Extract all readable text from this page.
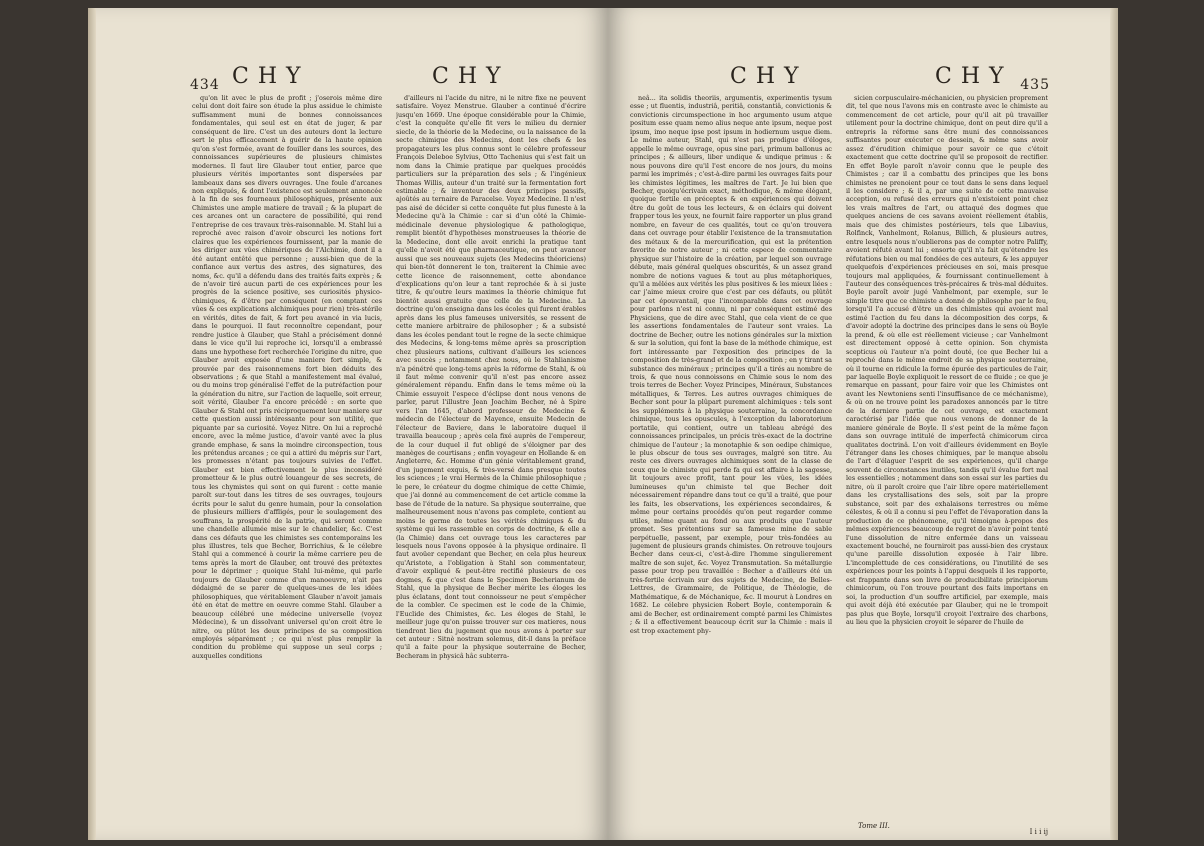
434 C H Y	C H Y

qu'on lit avec le plus de profit ; j'oserois même dire celui dont doit faire son étude la plus assidue le chimiste suffisamment muni de bonnes connoissances fondamentales, qui seul est en état de juger, & par conséquent de lire. C'est un des auteurs dont la lecture sert le plus efficacement à guérir de la haute opinion qu'on s'est formée, avant de fouiller dans les sources, des connoissances supérieures de plusieurs chimistes modernes. Il faut lire Glauber tout entier, parce que plusieurs vérités importantes sont dispersées par lambeaux dans ses divers ouvrages. Une foule d'arcanes non expliqués, & dont l'existence est seulement annoncée à la fin de ses fourneaux philosophiques, présente aux Chimistes une ample matiere de travail ; & la plupart de ces arcanes ont un caractere de possibilité, qui rend l'entreprise de ces travaux très-raisonnable. M. Stahl lui a reproché avec raison d'avoir obscurci les notions fort claires que les expériences fournissent, par la manie de les diriger aux vûes chimériques de l'Alchimie, dont il a été autant entêté que personne ; aussi-bien que de la confiance aux vertus des astres, des signatures, des noms, &c. qu'il a défendu dans des traités faits exprès ; & de n'avoir tiré aucun parti de ces expériences pour les progrès de la science positive, ses curiosités physico-chimiques, & d'être par conséquent (en comptant ces vûes & ces explications alchimiques pour rien) très-stérile en vérités, dites de fait, & fort peu avancé in via lucis, dans le pourquoi. Il faut reconnoître cependant, pour rendre justice à Glauber, que Stahl a précisément donné dans le vice qu'il lui reproche ici, lorsqu'il a embrassé dans une hypothese fort recherchée l'origine du nitre, que Glauber avoit exposée d'une maniere fort simple, & prouvée par des raisonnemens fort bien déduits des observations ; & que Stahl a manifestement mal évalué, ou du moins trop généralisé l'effet de la putréfaction pour la génération du nitre, sur l'action de laquelle, soit erreur, soit vérité, Glauber l'a encore précédé : en sorte que Glauber & Stahl ont pris réciproquement leur maniere sur cette question aussi intéressante pour son utilité, que piquante par sa curiosité. Voyez Nitre. On lui a reproché encore, avec la même justice, d'avoir vanté avec la plus grande emphase, & sans la moindre circonspection, tous les prétendus arcanes ; ce qui a attiré du mépris sur l'art, les promesses n'étant pas toujours suivies de l'effet. Glauber est bien effectivement le plus inconsidéré prometteur & le plus outré louangeur de ses secrets, de tous les chymistes qui sont on qui furent : cette manie paroît sur-tout dans les titres de ses ouvrages, toujours écrits pour le salut du genre humain, pour la consolation de plusieurs milliers d'affligés, pour le soulagement des souffrans, la prospérité de la patrie, qui seront comme une chandelle allumée mise sur le chandelier, &c. C'est dans ces défauts que les chimistes ses contemporains les plus illustres, tels que Becher, Borrichius, & le célebre Stahl qui a commencé à courir la même carriere peu de tems après la mort de Glauber, ont trouvé des prétextes pour le déprimer ; quoique Stahl lui-même, qui parle toujours de Glauber comme d'un manoeuvre, n'ait pas dédaigné de se parer de quelques-unes de les idées philosophiques, que véritablement Glauber n'avoit jamais été en état de mettre en oeuvre comme Stahl. Glauber a beaucoup célébré une médecine universelle (voyez Médecine), & un dissolvant universel qu'on croit être le nitre, ou plûtot les deux principes de sa composition employés séparément ; ce qui n'est plus remplir la condition du problème qui suppose un seul corps ; auxquelles conditions

d'ailleurs ni l'acide du nitre, ni le nitre fixe ne peuvent satisfaire. Voyez Menstrue. Glauber a continué d'écrire jusqu'en 1669. Une époque considérable pour la Chimie, c'est la conquête qu'elle fit vers le milieu du dernier siecle, de la théorie de la Medecine, ou la naissance de la secte chimique des Medecins, dont les chefs & les propagateurs les plus connus sont le célebre professeur François Deleboe Sylvius, Otto Tachenius qui s'est fait un nom dans la Chimie pratique par quelques procédés particuliers sur la préparation des sels ; & l'ingénieux Thomas Willis, auteur d'un traité sur la fermentation fort estimable ; & inventeur des deux principes passifs, ajoûtés au ternaire de Paracelse. Voyez Medecine. Il n'est pas aisé de décider si cette conquête fut plus funeste à la Medecine qu'à la Chimie : car si d'un côté la Chimie-médicinale devenue physiologique & pathologique, remplit bientôt d'hypothèses monstrueuses la théorie de la Medecine, dont elle avoit enrichi la pratique tant qu'elle n'avoit été que pharmaceutique, on peut avancer aussi que ses nouveaux sujets (les Medecins théoriciens) qui bien-tôt donnerent le ton, traiterent la Chimie avec cette licence de raisonnement, cette abondance d'explications qu'on leur a tant reprochée & à si juste titre, & qu'outre leurs maximes la théorie chimique fut bientôt aussi gratuite que celle de la Medecine. La doctrine qu'on enseigna dans les écoles qui furent érables après dans les plus fameuses universités, se ressent de cette maniere arbitraire de philosopher ; & a subsisté dans les écoles pendant tout le regne de la secte chimique des Medecins, & long-tems même après sa proscription chez plusieurs nations, cultivant d'ailleurs les sciences avec succès ; notamment chez nous, où le Stahlianisme n'a pénétré que long-tems après la réforme de Stahl, & où il faut même convenir qu'il n'est pas encore assez généralement répandu. Enfin dans le tems même où la Chimie essuyoit l'espece d'éclipse dont nous venons de parler, parut l'illustre Jean Joachim Becher, né à Spire vers l'an 1645, d'abord professeur de Medecine & médecin de l'électeur de Mayence, ensuite Medecin de l'électeur de Baviere, dans le laboratoire duquel il travailla beaucoup ; après cela fixé auprès de l'empereur, de la cour duquel il fut obligé de s'éloigner par des manèges de courtisans ; enfin voyageur en Hollande & en Angleterre, &c. Homme d'un génie véritablement grand, d'un jugement exquis, & très-versé dans presque toutes les sciences ; le vrai Hermès de la Chimie philosophique ; le pere, le créateur du dogme chimique de cette Chimie, que j'ai donné au commencement de cet article comme la base de l'étude de la nature. Sa physique souterraine, que malheureusement nous n'avons pas complete, contient au moins le germe de toutes les vérités chimiques & du système qui les rassemble en corps de doctrine, & elle a (la Chimie) dans cet ouvrage tous les caracteres par lesquels nous l'avons opposée à la physique ordinaire. Il faut avoüer cependant que Becher, en cela plus heureux qu'Aristote, a l'obligation à Stahl son commentateur, d'avoir expliqué & peut-être rectifié plusieurs de ces dogmes, & que c'est dans le Specimen Becherianum de Stahl, que la physique de Becher mérite les éloges les plus éclatans, dont tout connoisseur ne peut s'empêcher de la combler. Ce specimen est le code de la Chimie, l'Euclide des Chimistes, &c. Les éloges de Stahl, le meilleur juge qu'on puisse trouver sur ces matieres, nous tiendront lieu du jugement que nous avons à porter sur cet auteur : Sitnè nostram solemus, dit-il dans la préface qu'il a faite pour la physique souterraine de Becher, Becheram in physicâ hâc subterra-

C H Y	C H Y 435

neâ... ita solidis theoriis, argumentis, experimentis tysum esse ; ut fluentis, industriâ, peritiâ, constantiâ, convictionis & convictionis circumspectione in hoc argumento usum atque positum esse quam nemo alius neque ante ipsum, neque post ipsum, imo neque ipse post ipsum in hodiernum usque diem. Le même auteur, Stahl, qui n'est pas prodigue d'éloges, appelle le même ouvrage, opus sine pari, primum ballonus ac principes ; & ailleurs, liber undique & undique primus : & nous pouvons dire qu'il l'est encore de nos jours, du moins parmi les imprimés ; c'est-à-dire parmi les ouvrages faits pour les chimistes légitimes, les maîtres de l'art. Je lui bien que Becher, quoiqu'écrivain exact, méthodique, & même élégant, quoique fertile en préceptes & en expériences qui doivent être du goût de tous les lecteurs, & en éclairs qui doivent frapper tous les yeux, ne fournit faire rapporter un plus grand nombre, en faveur de ces qualités, tout ce qu'on trouvera dans cet ouvrage pour établir l'existence de la transmutation des métaux & de la mercurification, qui est la prétention favorite de notre auteur ; ni cette espece de commentaire physique sur l'histoire de la création, par lequel son ouvrage débute, mais général quelques obscurités, & un assez grand nombre de notions vagues & tout au plus métaphoriques, qu'il a mêlées aux vérités les plus positives & les mieux liées : car j'aime mieux croire que c'est par ces défauts, ou plûtôt par cet épouvantail, que l'incomparable dans cet ouvrage pour parlons n'est ni connu, ni par conséquent estimé des Physiciens, que de dire avec Stahl, que cela vient de ce que les assertions fondamentales de l'auteur sont vraies. La doctrine de Becher, outre les notions générales sur la mixtion & sur la solution, qui font la base de la méthode chimique, est fort intéressante par l'exposition des principes de la composition de très-grand et de la composition ; en y tirant sa substance des minéraux ; principes qu'il a tirés au nombre de trois, & que nous connoissons en Chimie sous le nom des trois terres de Becher. Voyez Principes, Minéraux, Substances métalliques, & Terres. Les autres ouvrages chimiques de Becher sont pour la plûpart purement alchimiques : tels sont les suppléments à la physique souterraine, la concordance chimique, tous les opuscules, à l'exception du laboratorium portatile, qui contient, outre un tableau abrégé des connoissances principales, un précis très-exact de la doctrine chimique de l'auteur ; la monotaphie & son oedipe chimique, le plus obscur de tous ses ouvrages, malgré son titre. Au reste ces divers ouvrages alchimiques sont de la classe de ceux que le chimiste qui perde fa qui est affaire à la sagesse, lit toujours avec profit, tant pour les vûes, les idées lumineuses qu'un chimiste tel que Becher doit nécessairement répandre dans tout ce qu'il a traité, que pour les faits, les observations, les expériences secondaires, & même pour certains procédés qu'on peut regarder comme utiles, même quant au fond ou aux produits que l'auteur promet. Ses prétentions sur sa fameuse mine de sable perpétuelle, passent, par exemple, pour très-fondées au jugement de plusieurs grands chimistes. On retrouve toujours Becher dans ceux-ci, c'est-à-dire l'homme singulierement maître de son sujet, &c. Voyez Transmutation. Sa métallurgie passe pour trop peu travaillée : Becher a d'ailleurs été un très-fertile écrivain sur des sujets de Medecine, de Belles-Lettres, de Grammaire, de Politique, de Théologie, de Mathématique, & de Méchanique, &c. Il mourut à Londres en 1682. Le célebre physicien Robert Boyle, contemporain & ami de Becher, est ordinairement compté parmi les Chimistes ; & il a effectivement beaucoup écrit sur la Chimie : mais il est trop exactement phy-

sicien corpusculaire-méchanicien, ou physicien proprement dit, tel que nous l'avons mis en contraste avec le chimiste au commencement de cet article, pour qu'il ait pû travailler utilement pour la doctrine chimique, dont on peut dire qu'il a entrepris la réforme sans être muni des connoissances suffisantes pour exécuter ce dessein, & même sans avoir assez d'érudition chimique pour savoir ce que c'étoit exactement que cette doctrine qu'il se proposoit de rectifier. En effet Boyle paroît n'avoir connu que le peuple des Chimistes ; car il a combattu des principes que les bons chimistes ne prenoient pour ce tout dans le sens dans lequel il les considere ; & il a, par une suite de cette mauvaise acception, ou refusé des erreurs qui n'existoient point chez les vrais maîtres de l'art, ou attaqué des dogmes que quelques anciens de ces savans avoient réellement établis, mais que des chimistes postérieurs, tels que Libavius, Rolfinck, Vanhelmont, Rolanus, Billich, & plusieurs autres, entre lesquels nous n'oublierons pas de compter notre Paliffy, avoient réfuté avant lui ; ensorte qu'il n'a fait qu'étendre les réfutations bien ou mal fondées de ces auteurs, & les appuyer quelquefois d'expériences précieuses en soi, mais presque toujours mal appliquées, & fournissant continuellement à l'auteur des conséquences très-précaires & très-mal déduites. Boyle paroît avoir jugé Vanhelmont, par exemple, sur le simple titre que ce chimiste a donné de philosophe par le feu, lorsqu'il l'a accusé d'être un des chimistes qui avoient mal estimé l'action du feu dans la décomposition des corps, & d'avoir adopté la doctrine des principes dans le sens où Boyle la prend, & où elle est réellement vicieuse ; car Vanhelmont est directement opposé à cette opinion. Son chymista scepticus où l'auteur n'a point douté, (ce que Becher lui a reproché dans le même endroit de sa physique souterraine, où il tourne en ridicule la forme épurée des particules de l'air, par laquelle Boyle expliquoit le ressort de ce fluide ; ce que je remarque en passant, pour faire voir que les Chimistes ont avant les Newtoniens senti l'insuffisance de ce méchanisme), & où on ne trouve point les paradoxes annoncés par le titre de la derniere partie de cet ouvrage, est exactement caractérisé par l'idée que nous venons de donner de la maniere générale de Boyle. Il s'est peint de la même façon dans son ouvrage intitulé de imperfectâ chimicorum circa qualitates doctrinâ. L'on voit d'ailleurs évidemment en Boyle l'étranger dans les choses chimiques, par le manque absolu de l'art d'élaguer l'esprit de ses expériences, qu'il charge souvent de circonstances inutiles, tandis qu'il évalue fort mal les essentielles ; notamment dans son essai sur les parties du nitre, où il paroît croire que l'air libre opere matériellement dans les crystallisations des sels, soit par la propre substance, soit par des exhalaisons terrestres ou même célestes, & où il a connu si peu l'effet de l'évaporation dans la production de ce phénomene, qu'il témoigne à-propos des mêmes expériences beaucoup de regret de n'avoir point tenté l'une dissolution de nitre enfermée dans un vaisseau exactement bouché, ne fourniroit pas aussi-bien des crystaux qu'une pareille dissolution exposée à l'air libre. L'incomplettude de ces considérations, ou l'inutilité de ses expériences pour les points à l'appui desquels il les rapporte, est frappante dans son livre de producibilitate principiorum chimicorum, où l'on trouve pourtant des faits importans en soi, la production d'un souffre artificiel, par exemple, mais qui avoit déjà été exécutée par Glauber, qui ne le trompoit pas plus que Boyle, lorsqu'il croyoit l'extraire des charbons, au lieu que la physicien croyoit le séparer de l'huile de

Tome III.
I i i ij
